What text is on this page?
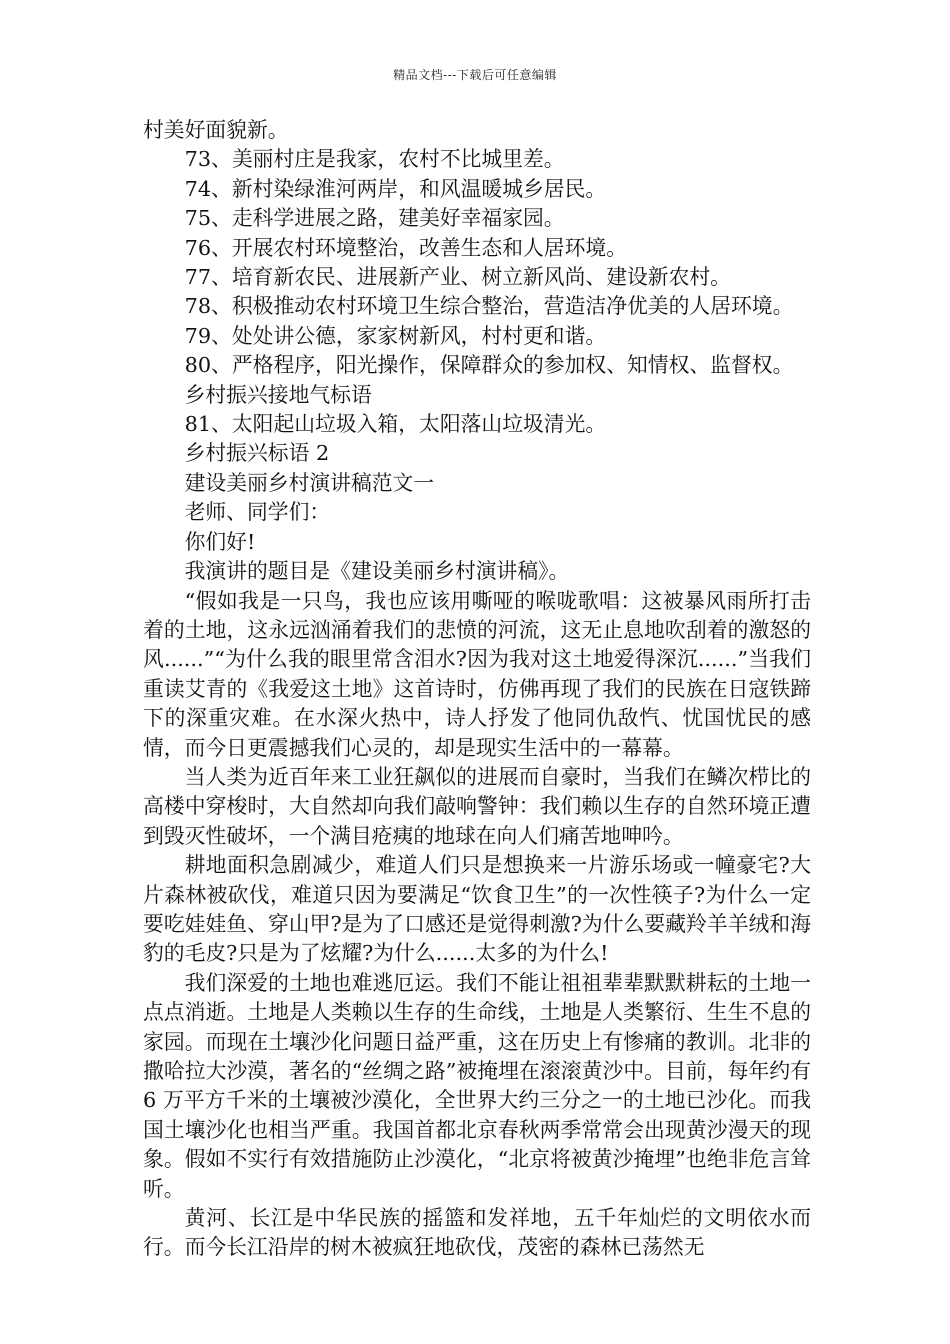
精品文档---下载后可任意编辑

村美好面貌新。

73、美丽村庄是我家，农村不比城里差。

74、新村染绿淮河两岸，和风温暖城乡居民。

75、走科学进展之路，建美好幸福家园。

76、开展农村环境整治，改善生态和人居环境。

77、培育新农民、进展新产业、树立新风尚、建设新农村。

78、积极推动农村环境卫生综合整治，营造洁净优美的人居环境。

79、处处讲公德，家家树新风，村村更和谐。

80、严格程序，阳光操作，保障群众的参加权、知情权、监督权。

乡村振兴接地气标语

81、太阳起山垃圾入箱，太阳落山垃圾清光。

乡村振兴标语 2

建设美丽乡村演讲稿范文一

老师、同学们：

你们好!

我演讲的题目是《建设美丽乡村演讲稿》。

“假如我是一只鸟，我也应该用嘶哑的喉咙歌唱：这被暴风雨所打击着的土地，这永远汹涌着我们的悲愤的河流，这无止息地吹刮着的激怒的风......”“为什么我的眼里常含泪水?因为我对这土地爱得深沉......”当我们重读艾青的《我爱这土地》这首诗时，仿佛再现了我们的民族在日寇铁蹄下的深重灾难。在水深火热中，诗人抒发了他同仇敌忾、忧国忧民的感情，而今日更震撼我们心灵的，却是现实生活中的一幕幕。

当人类为近百年来工业狂飙似的进展而自豪时，当我们在鳞次栉比的高楼中穿梭时，大自然却向我们敲响警钟：我们赖以生存的自然环境正遭到毁灭性破坏，一个满目疮痍的地球在向人们痛苦地呻吟。

耕地面积急剧减少，难道人们只是想换来一片游乐场或一幢豪宅?大片森林被砍伐，难道只因为要满足“饮食卫生”的一次性筷子?为什么一定要吃娃娃鱼、穿山甲?是为了口感还是觉得刺激?为什么要藏羚羊羊绒和海豹的毛皮?只是为了炫耀?为什么......太多的为什么!

我们深爱的土地也难逃厄运。我们不能让祖祖辈辈默默耕耘的土地一点点消逝。土地是人类赖以生存的生命线，土地是人类繁衍、生生不息的家园。而现在土壤沙化问题日益严重，这在历史上有惨痛的教训。北非的撒哈拉大沙漠，著名的“丝绸之路”被掩埋在滚滚黄沙中。目前，每年约有 6 万平方千米的土壤被沙漠化，全世界大约三分之一的土地已沙化。而我国土壤沙化也相当严重。我国首都北京春秋两季常常会出现黄沙漫天的现象。假如不实行有效措施防止沙漠化，“北京将被黄沙掩埋”也绝非危言耸听。

黄河、长江是中华民族的摇篮和发祥地，五千年灿烂的文明依水而行。而今长江沿岸的树木被疯狂地砍伐，茂密的森林已荡然无
